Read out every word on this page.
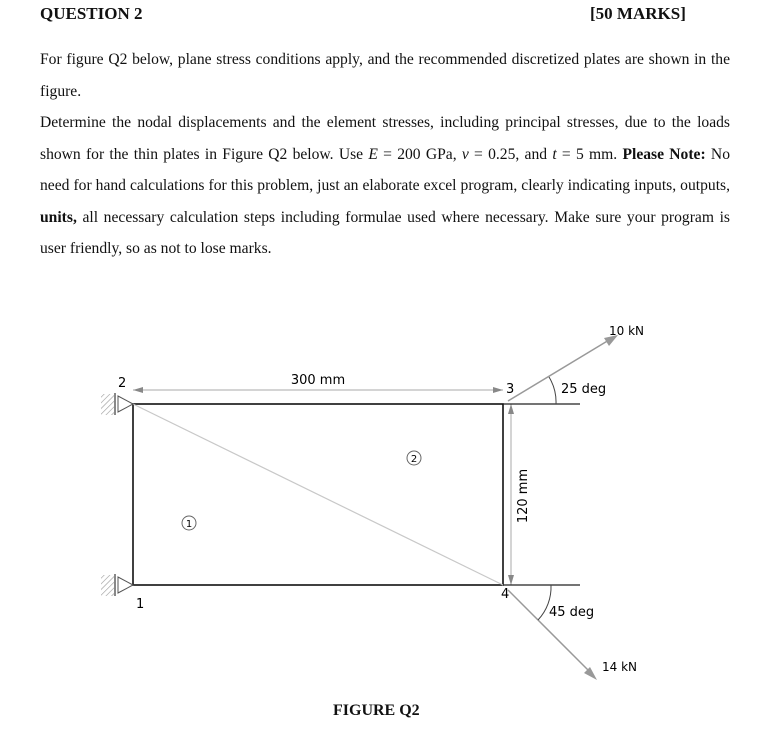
QUESTION 2	[50 MARKS]
For figure Q2 below, plane stress conditions apply, and the recommended discretized plates are shown in the figure.
Determine the nodal displacements and the element stresses, including principal stresses, due to the loads shown for the thin plates in Figure Q2 below. Use E = 200 GPa, ν = 0.25, and t = 5 mm. Please Note: No need for hand calculations for this problem, just an elaborate excel program, clearly indicating inputs, outputs, units, all necessary calculation steps including formulae used where necessary. Make sure your program is user friendly, so as not to lose marks.
300 mm
120 mm
1
2	3
4
1
2
10 kN
25 deg
14 kN
45 deg
FIGURE Q2
